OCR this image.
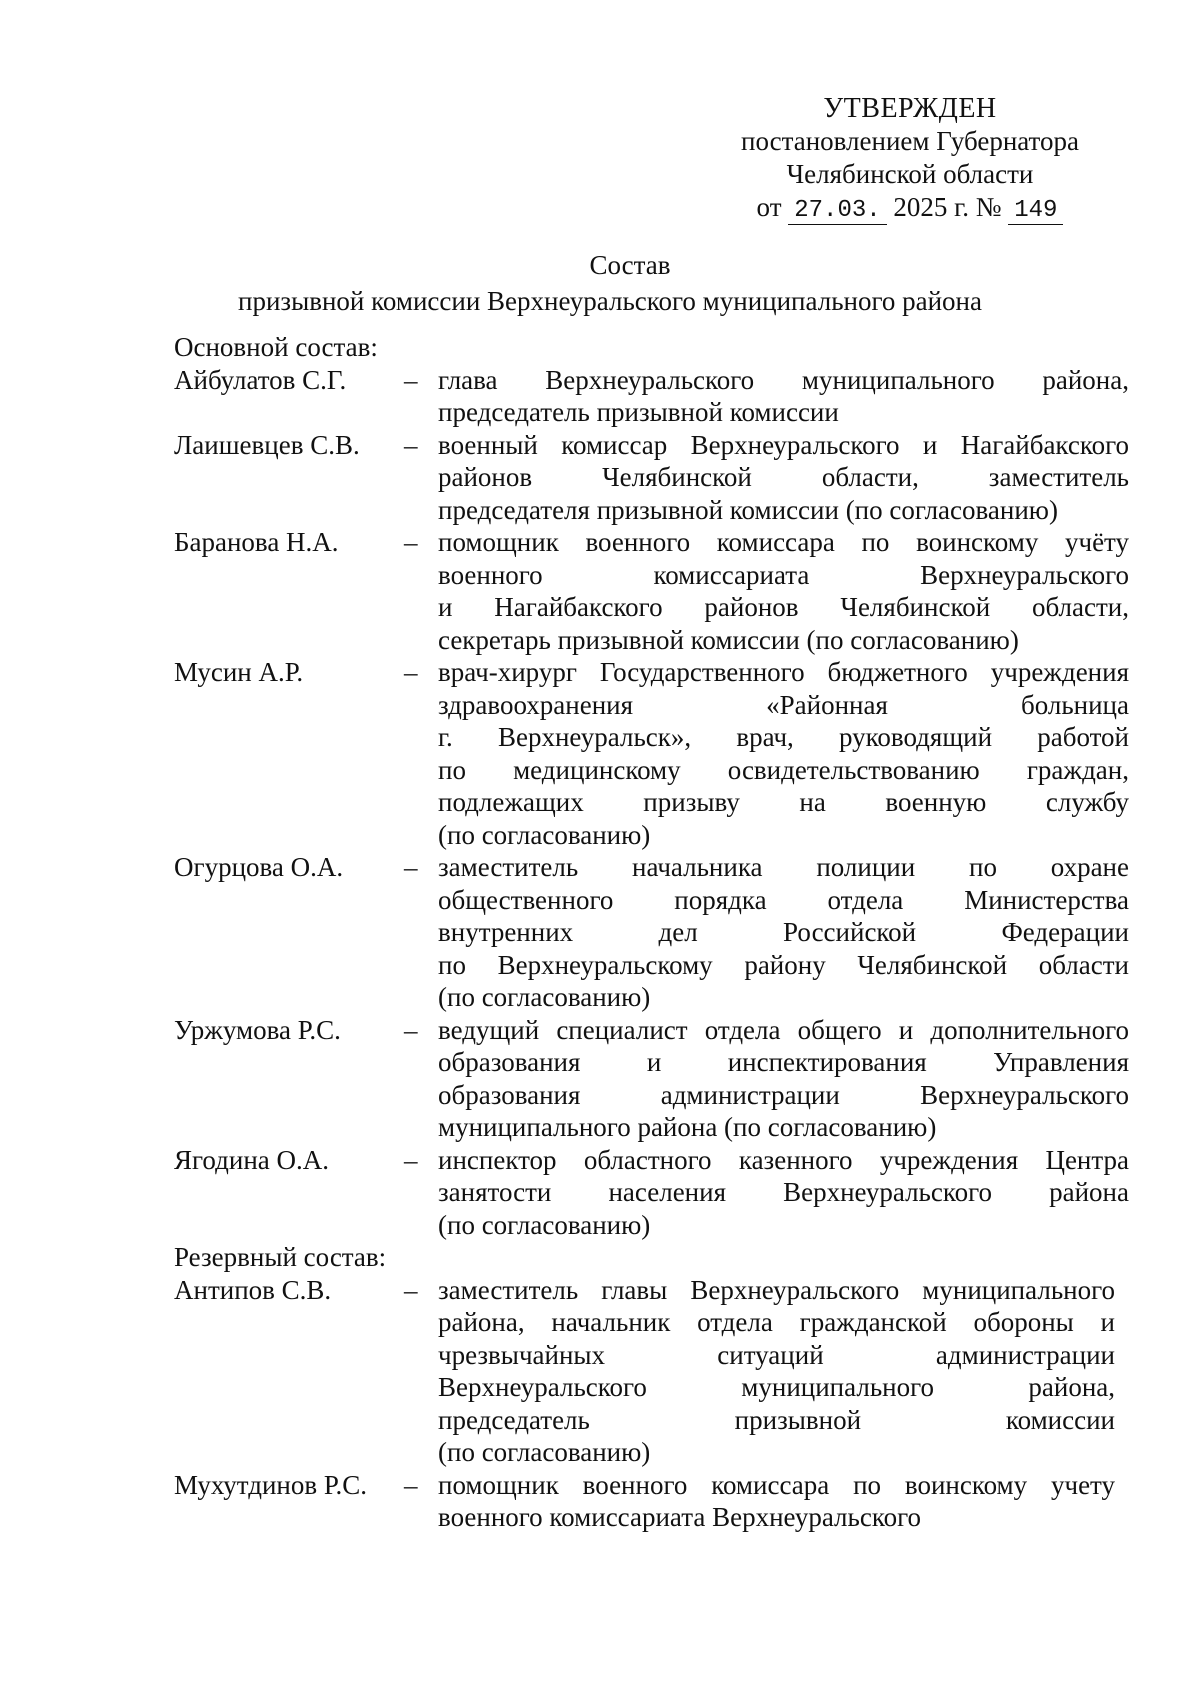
УТВЕРЖДЕН
постановлением Губернатора
Челябинской области
от 27.03. 2025 г. № 149
Состав
призывной комиссии Верхнеуральского муниципального района
Основной состав:
Айбулатов С.Г.	– глава Верхнеуральского муниципального района,
председатель призывной комиссии
Лаишевцев С.В.	– военный комиссар Верхнеуральского и Нагайбакского
районов Челябинской области, заместитель
председателя призывной комиссии (по согласованию)
Баранова Н.А.	– помощник военного комиссара по воинскому учёту
военного комиссариата Верхнеуральского
и Нагайбакского районов Челябинской области,
секретарь призывной комиссии (по согласованию)
Мусин А.Р.	– врач-хирург Государственного бюджетного учреждения
здравоохранения «Районная больница
г. Верхнеуральск», врач, руководящий работой
по медицинскому освидетельствованию граждан,
подлежащих призыву на военную службу
(по согласованию)
Огурцова О.А.	– заместитель начальника полиции по охране
общественного порядка отдела Министерства
внутренних дел Российской Федерации
по Верхнеуральскому району Челябинской области
(по согласованию)
Уржумова Р.С.	– ведущий специалист отдела общего и дополнительного
образования и инспектирования Управления
образования администрации Верхнеуральского
муниципального района (по согласованию)
Ягодина О.А.	– инспектор областного казенного учреждения Центра
занятости населения Верхнеуральского района
(по согласованию)
Резервный состав:
Антипов С.В.	– заместитель главы Верхнеуральского муниципального
района, начальник отдела гражданской обороны и
чрезвычайных ситуаций администрации
Верхнеуральского муниципального района,
председатель призывной комиссии
(по согласованию)
Мухутдинов Р.С.	– помощник военного комиссара по воинскому учету
военного комиссариата Верхнеуральского
